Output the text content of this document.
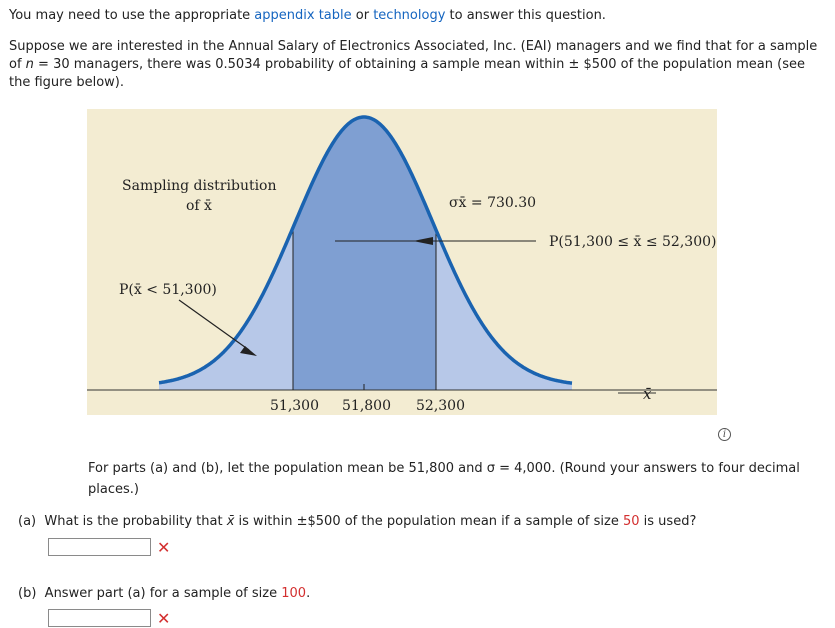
You may need to use the appropriate appendix table or technology to answer this question.

Suppose we are interested in the Annual Salary of Electronics Associated, Inc. (EAI) managers and we find that for a sample

of n = 30 managers, there was 0.5034 probability of obtaining a sample mean within ± $500 of the population mean (see

the figure below).

Sampling distribution
of x̄	σx̄ = 730.30
P(51,300 ≤ x̄ ≤ 52,300)
P(x̄ < 51,300)
51,300 51,800 52,300
x̄
i

For parts (a) and (b), let the population mean be 51,800 and σ = 4,000. (Round your answers to four decimal

places.)

(a) What is the probability that x̄ is within ±$500 of the population mean if a sample of size 50 is used?

✕

(b) Answer part (a) for a sample of size 100.

✕
